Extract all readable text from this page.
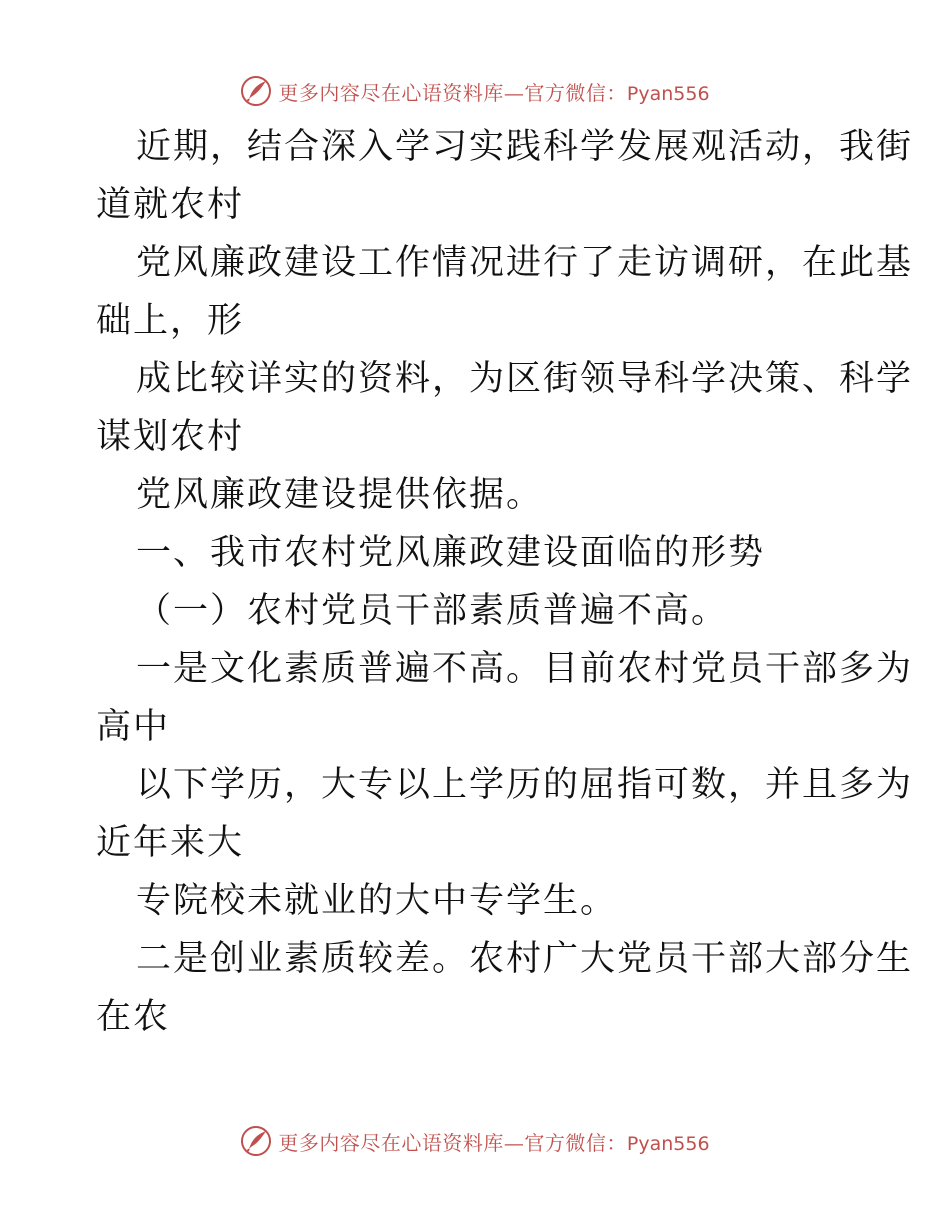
更多内容尽在心语资料库—官方微信：Pyan556
近期，结合深入学习实践科学发展观活动，我街
道就农村
党风廉政建设工作情况进行了走访调研，在此基
础上，形
成比较详实的资料，为区街领导科学决策、科学
谋划农村
党风廉政建设提供依据。
一、我市农村党风廉政建设面临的形势
（一）农村党员干部素质普遍不高。
一是文化素质普遍不高。目前农村党员干部多为
高中
以下学历，大专以上学历的屈指可数，并且多为
近年来大
专院校未就业的大中专学生。
二是创业素质较差。农村广大党员干部大部分生
在农
更多内容尽在心语资料库—官方微信：Pyan556
